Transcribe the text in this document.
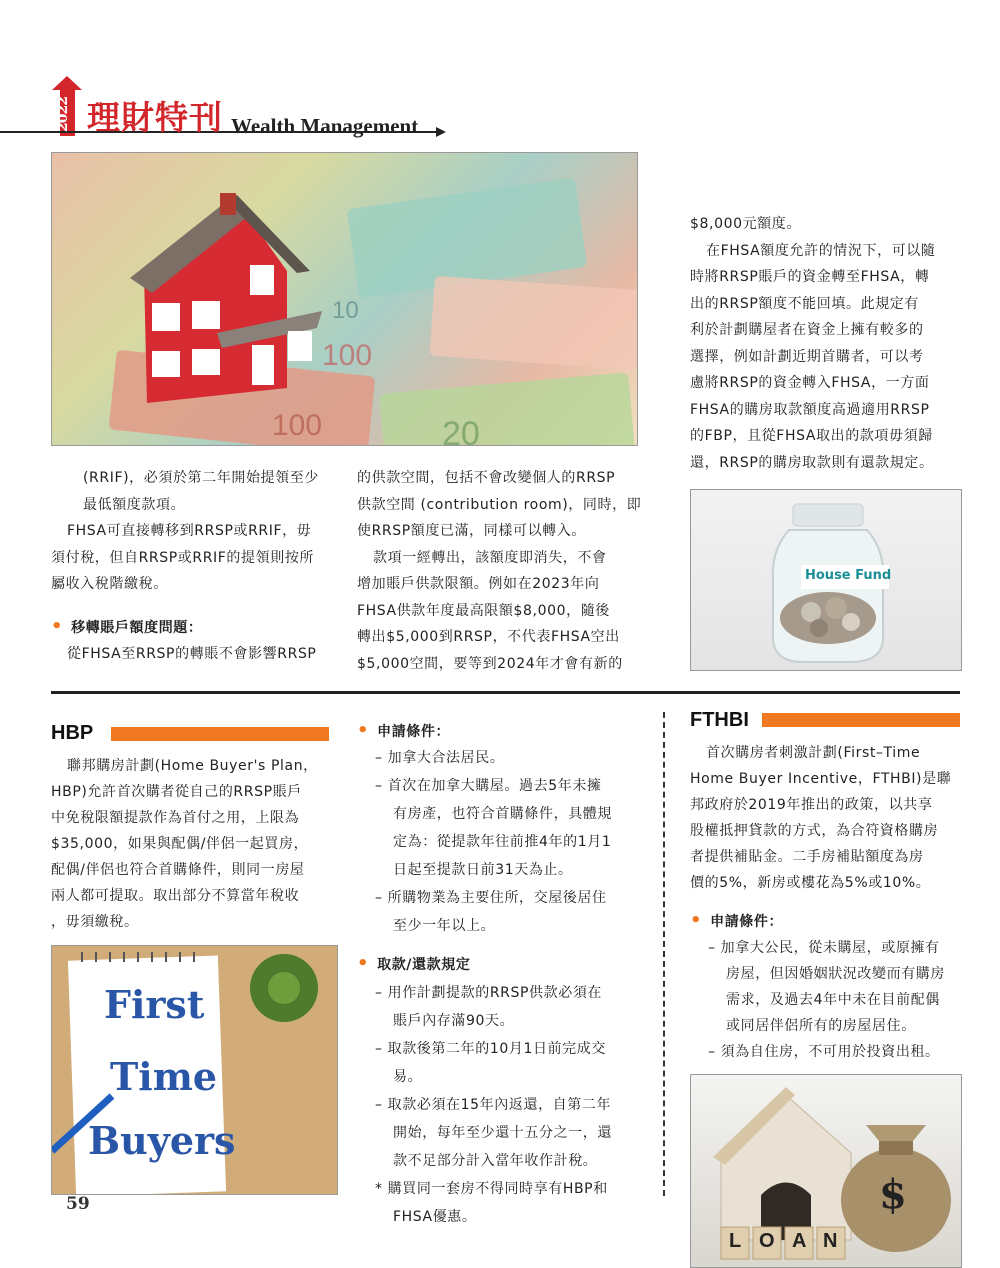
2022 理財特刊 Wealth Management
100
20
100
10
(RRIF)，必須於第二年開始提領至少
最低額度款項。
FHSA可直接轉移到RRSP或RRIF，毋
須付稅，但自RRSP或RRIF的提領則按所
屬收入稅階繳稅。
• 移轉賬戶額度問題：
從FHSA至RRSP的轉賬不會影響RRSP
的供款空間，包括不會改變個人的RRSP
供款空間 (contribution room)，同時，即
使RRSP額度已滿，同樣可以轉入。
款項一經轉出，該額度即消失，不會
增加賬戶供款限額。例如在2023年向
FHSA供款年度最高限額$8,000，隨後
轉出$5,000到RRSP，不代表FHSA空出
$5,000空間，要等到2024年才會有新的
$8,000元額度。
在FHSA額度允許的情況下，可以隨
時將RRSP賬戶的資金轉至FHSA，轉
出的RRSP額度不能回填。此規定有
利於計劃購屋者在資金上擁有較多的
選擇，例如計劃近期首購者，可以考
慮將RRSP的資金轉入FHSA，一方面
FHSA的購房取款額度高過適用RRSP
的FBP，且從FHSA取出的款項毋須歸
還，RRSP的購房取款則有還款規定。
House Fund
HBP
聯邦購房計劃(Home Buyer's Plan，
HBP)允許首次購者從自己的RRSP賬戶
中免稅限額提款作為首付之用，上限為
$35,000，如果與配偶/伴侶一起買房，
配偶/伴侶也符合首購條件，則同一房屋
兩人都可提取。取出部分不算當年稅收
，毋須繳稅。
First
Time
Buyers
59
• 申請條件：
– 加拿大合法居民。
– 首次在加拿大購屋。過去5年未擁
有房產，也符合首購條件，具體規
定為：從提款年往前推4年的1月1
日起至提款日前31天為止。
– 所購物業為主要住所，交屋後居住
至少一年以上。
• 取款/還款規定
– 用作計劃提款的RRSP供款必須在
賬戶內存滿90天。
– 取款後第二年的10月1日前完成交
易。
– 取款必須在15年內返還，自第二年
開始，每年至少還十五分之一，還
款不足部分計入當年收作計稅。
* 購買同一套房不得同時享有HBP和
FHSA優惠。
FTHBI
首次購房者刺激計劃(First–Time
Home Buyer Incentive，FTHBI)是聯
邦政府於2019年推出的政策，以共享
股權抵押貸款的方式，為合符資格購房
者提供補貼金。二手房補貼額度為房
價的5%，新房或樓花為5%或10%。
• 申請條件：
– 加拿大公民，從未購屋，或原擁有
房屋，但因婚姻狀況改變而有購房
需求，及過去4年中未在目前配偶
或同居伴侶所有的房屋居住。
– 須為自住房，不可用於投資出租。
$
L O A N
